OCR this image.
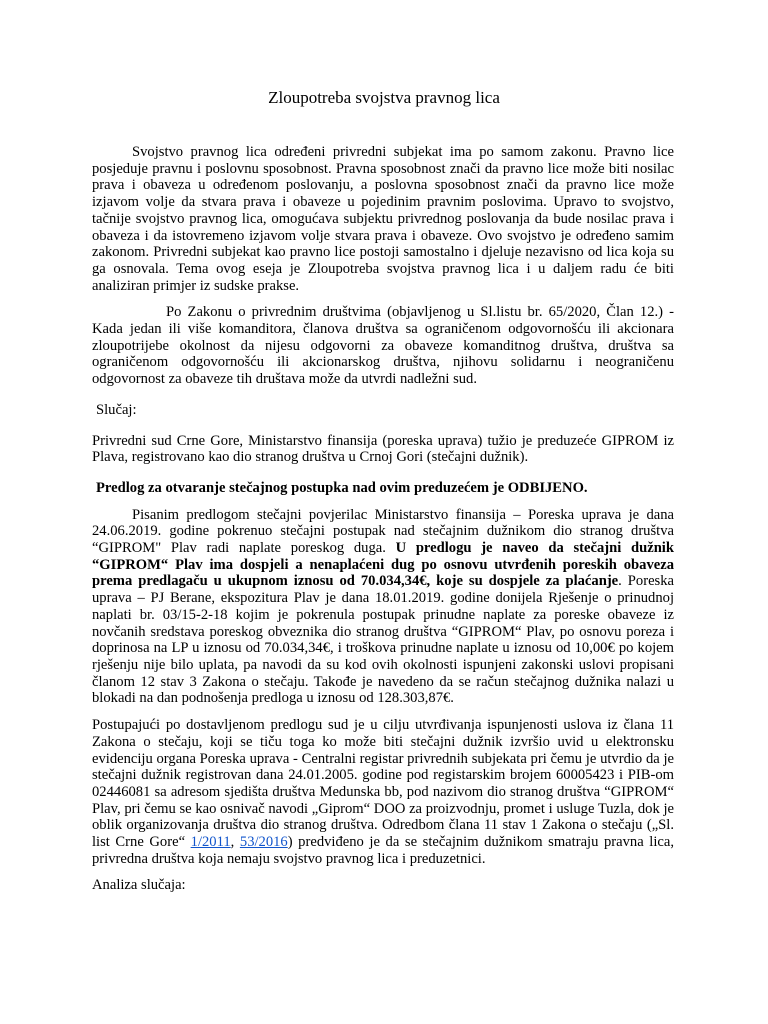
Zloupotreba svojstva pravnog lica

Svojstvo pravnog lica određeni privredni subjekat ima po samom zakonu. Pravno lice posjeduje pravnu i poslovnu sposobnost. Pravna sposobnost znači da pravno lice može biti nosilac prava i obaveza u određenom poslovanju, a poslovna sposobnost znači da pravno lice može izjavom volje da stvara prava i obaveze u pojedinim pravnim poslovima. Upravo to svojstvo, tačnije svojstvo pravnog lica, omogućava subjektu privrednog poslovanja da bude nosilac prava i obaveza i da istovremeno izjavom volje stvara prava i obaveze. Ovo svojstvo je određeno samim zakonom. Privredni subjekat kao pravno lice postoji samostalno i djeluje nezavisno od lica koja su ga osnovala. Tema ovog eseja je Zloupotreba svojstva pravnog lica i u daljem radu će biti analiziran primjer iz sudske prakse.

Po Zakonu o privrednim društvima (objavljenog u Sl.listu br. 65/2020, Član 12.) - Kada jedan ili više komanditora, članova društva sa ograničenom odgovornošću ili akcionara zloupotrijebe okolnost da nijesu odgovorni za obaveze komanditnog društva, društva sa ograničenom odgovornošću ili akcionarskog društva, njihovu solidarnu i neograničenu odgovornost za obaveze tih društava može da utvrdi nadležni sud.

Slučaj:

Privredni sud Crne Gore, Ministarstvo finansija (poreska uprava) tužio je preduzeće GIPROM iz Plava, registrovano kao dio stranog društva u Crnoj Gori (stečajni dužnik).

Predlog za otvaranje stečajnog postupka nad ovim preduzećem je ODBIJENO.

Pisanim predlogom stečajni povjerilac Ministarstvo finansija – Poreska uprava je dana 24.06.2019. godine pokrenuo stečajni postupak nad stečajnim dužnikom dio stranog društva “GIPROM" Plav radi naplate poreskog duga. U predlogu je naveo da stečajni dužnik “GIPROM“ Plav ima dospjeli a nenaplaćeni dug po osnovu utvrđenih poreskih obaveza prema predlagaču u ukupnom iznosu od 70.034,34€, koje su dospjele za plaćanje. Poreska uprava – PJ Berane, ekspozitura Plav je dana 18.01.2019. godine donijela Rješenje o prinudnoj naplati br. 03/15-2-18 kojim je pokrenula postupak prinudne naplate za poreske obaveze iz novčanih sredstava poreskog obveznika dio stranog društva “GIPROM“ Plav, po osnovu poreza i doprinosa na LP u iznosu od 70.034,34€, i troškova prinudne naplate u iznosu od 10,00€ po kojem rješenju nije bilo uplata, pa navodi da su kod ovih okolnosti ispunjeni zakonski uslovi propisani članom 12 stav 3 Zakona o stečaju. Takođe je navedeno da se račun stečajnog dužnika nalazi u blokadi na dan podnošenja predloga u iznosu od 128.303,87€.

Postupajući po dostavljenom predlogu sud je u cilju utvrđivanja ispunjenosti uslova iz člana 11 Zakona o stečaju, koji se tiču toga ko može biti stečajni dužnik izvršio uvid u elektronsku evidenciju organa Poreska uprava - Centralni registar privrednih subjekata pri čemu je utvrdio da je stečajni dužnik registrovan dana 24.01.2005. godine pod registarskim brojem 60005423 i PIB-om 02446081 sa adresom sjedišta društva Medunska bb, pod nazivom dio stranog društva “GIPROM“ Plav, pri čemu se kao osnivač navodi „Giprom“ DOO za proizvodnju, promet i usluge Tuzla, dok je oblik organizovanja društva dio stranog društva. Odredbom člana 11 stav 1 Zakona o stečaju („Sl. list Crne Gore“ 1/2011, 53/2016) predviđeno je da se stečajnim dužnikom smatraju pravna lica, privredna društva koja nemaju svojstvo pravnog lica i preduzetnici.

Analiza slučaja:
